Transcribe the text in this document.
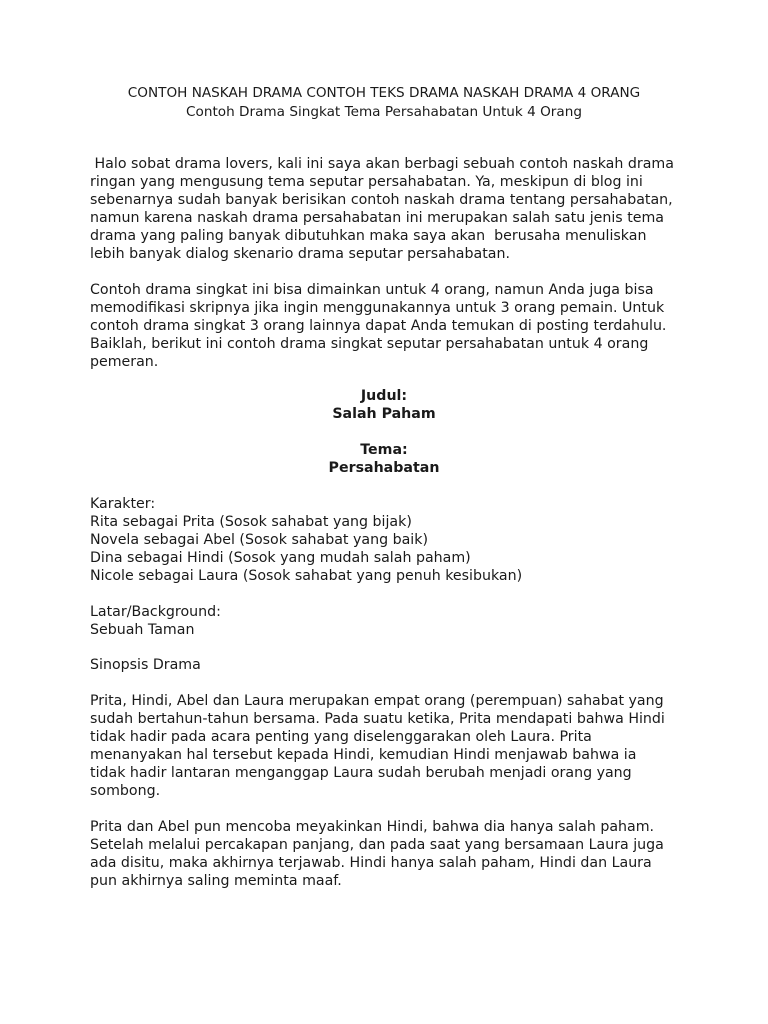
CONTOH NASKAH DRAMA CONTOH TEKS DRAMA NASKAH DRAMA 4 ORANG
Contoh Drama Singkat Tema Persahabatan Untuk 4 Orang
Halo sobat drama lovers, kali ini saya akan berbagi sebuah contoh naskah drama
ringan yang mengusung tema seputar persahabatan. Ya, meskipun di blog ini
sebenarnya sudah banyak berisikan contoh naskah drama tentang persahabatan,
namun karena naskah drama persahabatan ini merupakan salah satu jenis tema
drama yang paling banyak dibutuhkan maka saya akan  berusaha menuliskan
lebih banyak dialog skenario drama seputar persahabatan.
Contoh drama singkat ini bisa dimainkan untuk 4 orang, namun Anda juga bisa
memodifikasi skripnya jika ingin menggunakannya untuk 3 orang pemain. Untuk
contoh drama singkat 3 orang lainnya dapat Anda temukan di posting terdahulu.
Baiklah, berikut ini contoh drama singkat seputar persahabatan untuk 4 orang
pemeran.
Judul:
Salah Paham
Tema:
Persahabatan
Karakter:
Rita sebagai Prita (Sosok sahabat yang bijak)
Novela sebagai Abel (Sosok sahabat yang baik)
Dina sebagai Hindi (Sosok yang mudah salah paham)
Nicole sebagai Laura (Sosok sahabat yang penuh kesibukan)
Latar/Background:
Sebuah Taman
Sinopsis Drama
Prita, Hindi, Abel dan Laura merupakan empat orang (perempuan) sahabat yang
sudah bertahun-tahun bersama. Pada suatu ketika, Prita mendapati bahwa Hindi
tidak hadir pada acara penting yang diselenggarakan oleh Laura. Prita
menanyakan hal tersebut kepada Hindi, kemudian Hindi menjawab bahwa ia
tidak hadir lantaran menganggap Laura sudah berubah menjadi orang yang
sombong.
Prita dan Abel pun mencoba meyakinkan Hindi, bahwa dia hanya salah paham.
Setelah melalui percakapan panjang, dan pada saat yang bersamaan Laura juga
ada disitu, maka akhirnya terjawab. Hindi hanya salah paham, Hindi dan Laura
pun akhirnya saling meminta maaf.
